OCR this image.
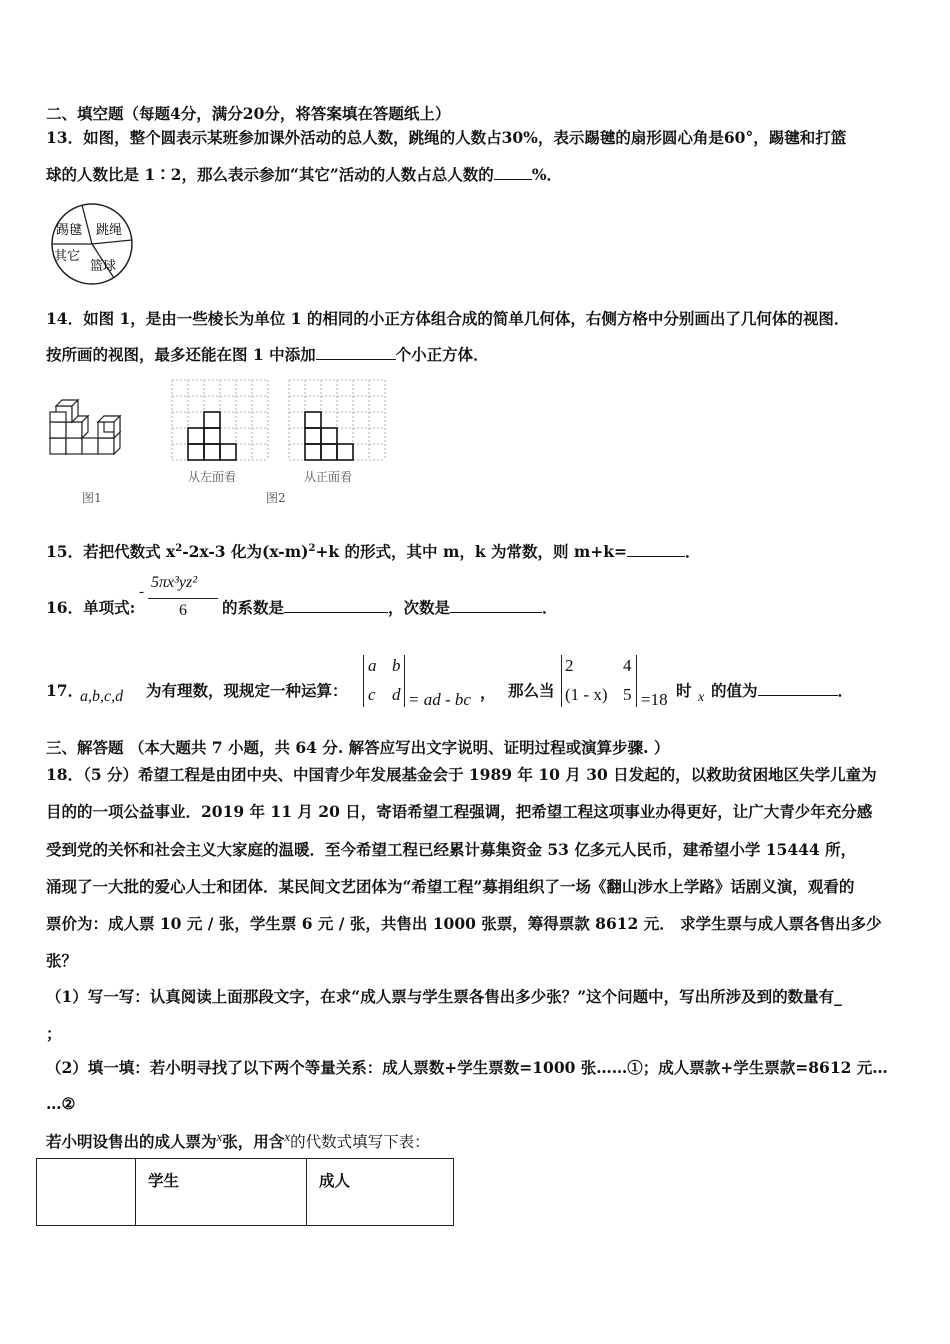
二、填空题（每题4分，满分20分，将答案填在答题纸上）
13．如图，整个圆表示某班参加课外活动的总人数，跳绳的人数占30%，表示踢毽的扇形圆心角是60°，踢毽和打篮
球的人数比是 1∶2，那么表示参加“其它”活动的人数占总人数的 %．
踢毽 跳绳
其它
篮球
14．如图 1，是由一些棱长为单位 1 的相同的小正方体组合成的简单几何体，右侧方格中分别画出了几何体的视图．
按所画的视图，最多还能在图 1 中添加	个小正方体．
图1
从左面看	从正面看
图2
15．若把代数式 $x^2-2x-3$ 化为$(x-m)^2+k$ 的形式，其中 m，k 为常数，则 m+k=	．
16．单项式:
-
5πx³yz²
6 的系数是	，次数是	．
17．
a,b,c,d 为有理数，现规定一种运算：
a b
c d = ad - bc ， 那么当
2	4
(1 - x) 5 =18 时 x 的值为	．
三、解答题 （本大题共 7 小题，共 64 分. 解答应写出文字说明、证明过程或演算步骤. ）
18．（5 分）希望工程是由团中央、中国青少年发展基金会于 1989 年 10 月 30 日发起的，以救助贫困地区失学儿童为
目的的一项公益事业．2019 年 11 月 20 日，寄语希望工程强调，把希望工程这项事业办得更好，让广大青少年充分感
受到党的关怀和社会主义大家庭的温暖．至今希望工程已经累计募集资金 53 亿多元人民币，建希望小学 15444 所，
涌现了一大批的爱心人士和团体．某民间文艺团体为“希望工程”募捐组织了一场《翻山涉水上学路》话剧义演，观看的
票价为：成人票 10 元 / 张，学生票 6 元 / 张，共售出 1000 张票，筹得票款 8612 元． 求学生票与成人票各售出多少
张？
（1）写一写：认真阅读上面那段文字，在求“成人票与学生票各售出多少张？”这个问题中，写出所涉及到的数量有_
；
（2）填一填：若小明寻找了以下两个等量关系：成人票数+学生票数=1000 张……①；成人票款+学生票款=8612 元…
…②
若小明设售出的成人票为$^x$张，用含$^x$的代数式填写下表：
	学生	成人
